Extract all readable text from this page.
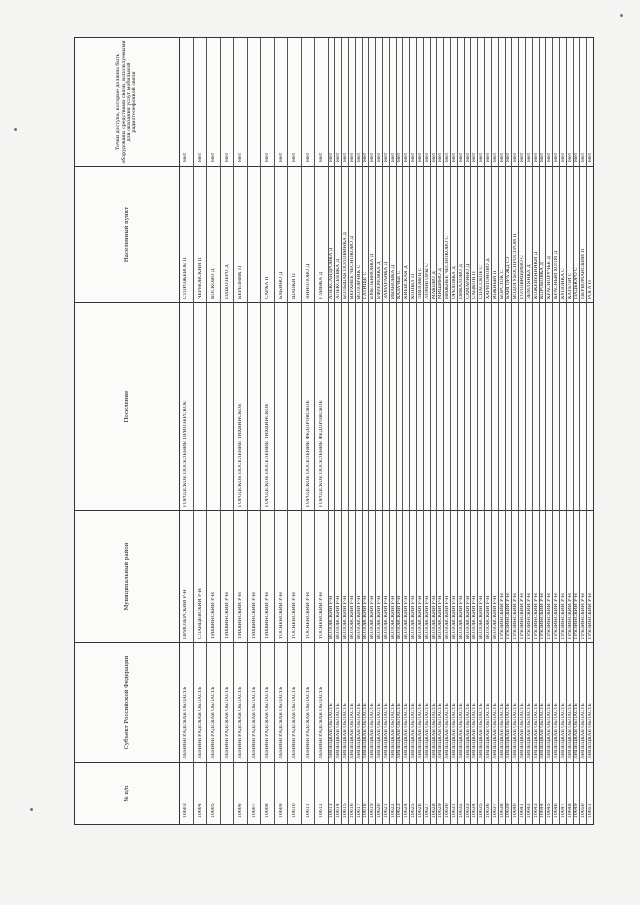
№ п/п
Субъект Российской Федерации
Муниципальный район
Поселение
Населенный пункт
Точки доступа, которые должны быть оборудованы средствами связи, используемыми для оказания услуг мобильной радиотелефонной связи
10603
ЛЕНИНГРАДСКАЯ ОБЛАСТЬ
ПРИОЗЕРСКИЙ Р-Н
ГОРОДСКОЕ ПОСЕЛЕНИЕ ПРИОЗЕРСКОЕ
СТОРОЖЕВОЕ П
Нет
10604
ЛЕНИНГРАДСКАЯ ОБЛАСТЬ
СЛАНЦЕВСКИЙ Р-Н
ЧЕРНОВСКИЙ П
Нет
10605
ЛЕНИНГРАДСКАЯ ОБЛАСТЬ
ТИХВИНСКИЙ Р-Н
КОСКОВО Д
Нет
ЛЕНИНГРАДСКАЯ ОБЛАСТЬ
ТИХВИНСКИЙ Р-Н
ПАШОЗЕРО Д
Нет
10606
ЛЕНИНГРАДСКАЯ ОБЛАСТЬ
ТИХВИНСКИЙ Р-Н
ГОРОДСКОЕ ПОСЕЛЕНИЕ ТИХВИНСКОЕ
БЕРЕЗНИК П
Нет
10607
ЛЕНИНГРАДСКАЯ ОБЛАСТЬ
ТИХВИНСКИЙ Р-Н
10608
ЛЕНИНГРАДСКАЯ ОБЛАСТЬ
ТИХВИНСКИЙ Р-Н
ГОРОДСКОЕ ПОСЕЛЕНИЕ ТИХВИНСКОЕ
САРКА П
Нет
10609
ЛЕНИНГРАДСКАЯ ОБЛАСТЬ
ТОСНЕНСКИЙ Р-Н
БАБИНО Д
Нет
10610
ЛЕНИНГРАДСКАЯ ОБЛАСТЬ
ТОСНЕНСКИЙ Р-Н
ШАПКИ П
Нет
10611
ЛЕНИНГРАДСКАЯ ОБЛАСТЬ
ТОСНЕНСКИЙ Р-Н
ГОРОДСКОЕ ПОСЕЛЕНИЕ ФЕДОРОВСКОЕ
АННОЛОВО Д
Нет
10612
ЛЕНИНГРАДСКАЯ ОБЛАСТЬ
ТОСНЕНСКИЙ Р-Н
ГОРОДСКОЕ ПОСЕЛЕНИЕ ФЕДОРОВСКОЕ
ГЛИНКА Д
Нет
10613
ЛИПЕЦКАЯ ОБЛАСТЬ
ВОЛОВСКИЙ Р-Н
АЛЕКСАНДРОВКА Д
Нет
10614
ЛИПЕЦКАЯ ОБЛАСТЬ
ВОЛОВСКИЙ Р-Н
АЛЕКСЕЕВКА Д
Нет
10615
ЛИПЕЦКАЯ ОБЛАСТЬ
ВОЛОВСКИЙ Р-Н
БОЛЬШАЯ ПОЛОВИНКА Д
Нет
10616
ЛИПЕЦКАЯ ОБЛАСТЬ
ВОЛОВСКИЙ Р-Н
ВЕРХНЕЕ ЧЕСНОКОВО Д
Нет
10617
ЛИПЕЦКАЯ ОБЛАСТЬ
ВОЛОВСКИЙ Р-Н
ВОЛОВЧИК С
Нет
10618
ЛИПЕЦКАЯ ОБЛАСТЬ
ВОЛОВСКИЙ Р-Н
ГАТИЩЕ С
Нет
10619
ЛИПЕЦКАЯ ОБЛАСТЬ
ВОЛОВСКИЙ Р-Н
ЕМЕЛЬЯНОВКА Д
Нет
10620
ЛИПЕЦКАЯ ОБЛАСТЬ
ВОЛОВСКИЙ Р-Н
ЕФРЕМОВКА Д
Нет
10621
ЛИПЕЦКАЯ ОБЛАСТЬ
ВОЛОВСКИЙ Р-Н
ЗАМАРАЙКА Д
Нет
10622
ЛИПЕЦКАЯ ОБЛАСТЬ
ВОЛОВСКИЙ Р-Н
ИВАНОВКА Д
Нет
10623
ЛИПЕЦКАЯ ОБЛАСТЬ
ВОЛОВСКИЙ Р-Н
КАЗАЧЬЕ С
Нет
10624
ЛИПЕЦКАЯ ОБЛАСТЬ
ВОЛОВСКИЙ Р-Н
КИЕВСКАЯ Д
Нет
10625
ЛИПЕЦКАЯ ОБЛАСТЬ
ВОЛОВСКИЙ Р-Н
КОПЫЛ П
Нет
10626
ЛИПЕЦКАЯ ОБЛАСТЬ
ВОЛОВСКИЙ Р-Н
ЛИПОВЕЦ С
Нет
10627
ЛИПЕЦКАЯ ОБЛАСТЬ
ВОЛОВСКИЙ Р-Н
ЛОМИГОРЫ С
Нет
10628
ЛИПЕЦКАЯ ОБЛАСТЬ
ВОЛОВСКИЙ Р-Н
МАКОВО Д
Нет
10629
ЛИПЕЦКАЯ ОБЛАСТЬ
ВОЛОВСКИЙ Р-Н
МИШИНО Д
Нет
10630
ЛИПЕЦКАЯ ОБЛАСТЬ
ВОЛОВСКИЙ Р-Н
НИЖНЕЕ ЧЕСНОКОВО С
Нет
10631
ЛИПЕЦКАЯ ОБЛАСТЬ
ВОЛОВСКИЙ Р-Н
ОРЕХОВКА Д
Нет
10632
ЛИПЕЦКАЯ ОБЛАСТЬ
ВОЛОВСКИЙ Р-Н
ПИКАЛОВО Д
Нет
10633
ЛИПЕЦКАЯ ОБЛАСТЬ
ВОЛОВСКИЙ Р-Н
САМАРИНО Д
Нет
10634
ЛИПЕЦКАЯ ОБЛАСТЬ
ВОЛОВСКИЙ Р-Н
САЦКОН П
Нет
10635
ЛИПЕЦКАЯ ОБЛАСТЬ
ВОЛОВСКИЙ Р-Н
СПАССКОЕ С
Нет
10636
ЛИПЕЦКАЯ ОБЛАСТЬ
ВОЛОВСКИЙ Р-Н
ХАРИТОНОВО Д
Нет
10637
ЛИПЕЦКАЯ ОБЛАСТЬ
ВОЛОВСКИЙ Р-Н
ЮЖНЫЙ П
Нет
10638
ЛИПЕЦКАЯ ОБЛАСТЬ
ГРЯЗИНСКИЙ Р-Н
БОРСТОК С
Нет
10639
ЛИПЕЦКАЯ ОБЛАСТЬ
ГРЯЗИНСКИЙ Р-Н
БАЙГОРА ЖД СТ
Нет
10640
ЛИПЕЦКАЯ ОБЛАСТЬ
ГРЯЗИНСКИЙ Р-Н
ВОДОГУБОСПРОСТРОЙ П
Нет
10641
ЛИПЕЦКАЯ ОБЛАСТЬ
ГРЯЗИНСКИЙ Р-Н
ГОЛОВИЩИНО С
Нет
10642
ЛИПЕЦКАЯ ОБЛАСТЬ
ГРЯЗИНСКИЙ Р-Н
ЗЕМЛЯНКА Д
Нет
10643
ЛИПЕЦКАЯ ОБЛАСТЬ
ГРЯЗИНСКИЙ Р-Н
КОЖЕВЕННИКИ Д
Нет
10644
ЛИПЕЦКАЯ ОБЛАСТЬ
ГРЯЗИНСКИЙ Р-Н
КОРОБОВКА Д
Нет
10645
ЛИПЕЦКАЯ ОБЛАСТЬ
ГРЯЗИНСКИЙ Р-Н
КРАСНОРУЧЬЕ Д
Нет
10646
ЛИПЕЦКАЯ ОБЛАСТЬ
ГРЯЗИНСКИЙ Р-Н
КРАСНЫЙ ХОЛМ Д
Нет
10647
ЛИПЕЦКАЯ ОБЛАСТЬ
ГРЯЗИНСКИЙ Р-Н
КУПОНКА С
Нет
10648
ЛИПЕЦКАЯ ОБЛАСТЬ
ГРЯЗИНСКИЙ Р-Н
КАТЕЛИ С
Нет
10649
ЛИПЕЦКАЯ ОБЛАСТЬ
ГРЯЗИНСКИЙ Р-Н
ПАДЬЮРО С
Нет
10650
ЛИПЕЦКАЯ ОБЛАСТЬ
ГРЯЗИНСКИЙ Р-Н
ПЕРВОМАЙСКИЙ П
Нет
10651
ЛИПЕЦКАЯ ОБЛАСТЬ
ГРЯЗИНСКИЙ Р-Н
РОГА П
Нет
